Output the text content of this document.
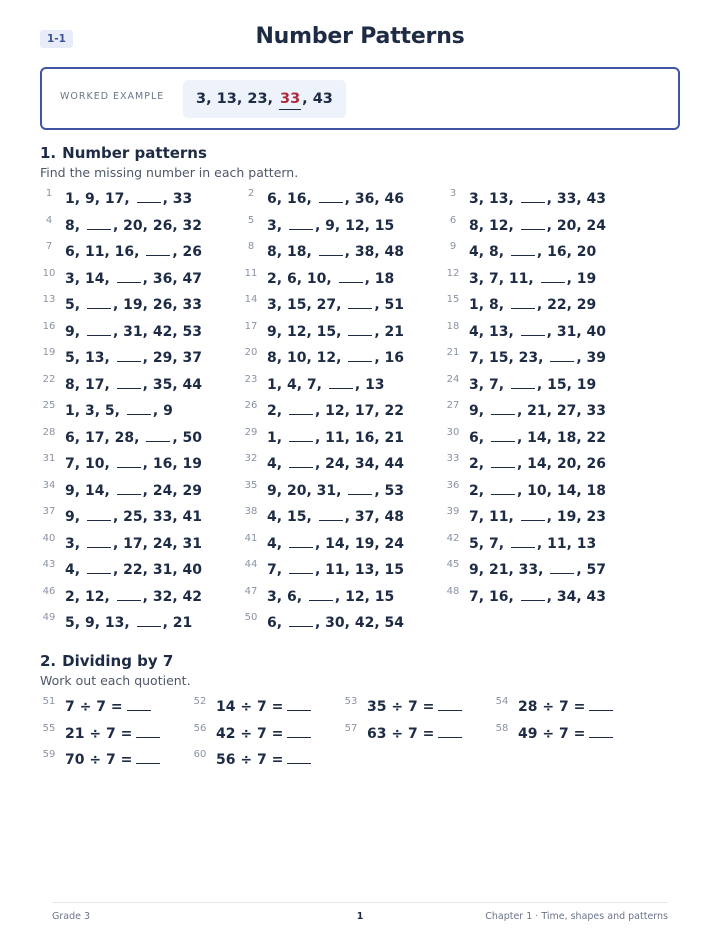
1-1	Number Patterns
WORKED EXAMPLE	3, 13, 23, 33 , 43
1. Number patterns
Find the missing number in each pattern.
1 1, 9, 17, , 33	2 6, 16, , 36, 46	3 3, 13, , 33, 43
4 8, , 20, 26, 32	5 3, , 9, 12, 15	6 8, 12, , 20, 24
7 6, 11, 16, , 26	8 8, 18, , 38, 48	9 4, 8, , 16, 20
10 3, 14, , 36, 47	11 2, 6, 10, , 18	12 3, 7, 11, , 19
13 5, , 19, 26, 33	14 3, 15, 27, , 51	15 1, 8, , 22, 29
16 9, , 31, 42, 53	17 9, 12, 15, , 21	18 4, 13, , 31, 40
19 5, 13, , 29, 37	20 8, 10, 12, , 16	21 7, 15, 23, , 39
22 8, 17, , 35, 44	23 1, 4, 7, , 13	24 3, 7, , 15, 19
25 1, 3, 5, , 9	26 2, , 12, 17, 22	27 9, , 21, 27, 33
28 6, 17, 28, , 50	29 1, , 11, 16, 21	30 6, , 14, 18, 22
31 7, 10, , 16, 19	32 4, , 24, 34, 44	33 2, , 14, 20, 26
34 9, 14, , 24, 29	35 9, 20, 31, , 53	36 2, , 10, 14, 18
37 9, , 25, 33, 41	38 4, 15, , 37, 48	39 7, 11, , 19, 23
40 3, , 17, 24, 31	41 4, , 14, 19, 24	42 5, 7, , 11, 13
43 4, , 22, 31, 40	44 7, , 11, 13, 15	45 9, 21, 33, , 57
46 2, 12, , 32, 42	47 3, 6, , 12, 15	48 7, 16, , 34, 43
49 5, 9, 13, , 21	50 6, , 30, 42, 54
2. Dividing by 7
Work out each quotient.
51 7 ÷ 7 =	52 14 ÷ 7 =	53 35 ÷ 7 =	54 28 ÷ 7 =
55 21 ÷ 7 =	56 42 ÷ 7 =	57 63 ÷ 7 =	58 49 ÷ 7 =
59 70 ÷ 7 =	60 56 ÷ 7 =
Grade 3	1	Chapter 1 · Time, shapes and patterns
